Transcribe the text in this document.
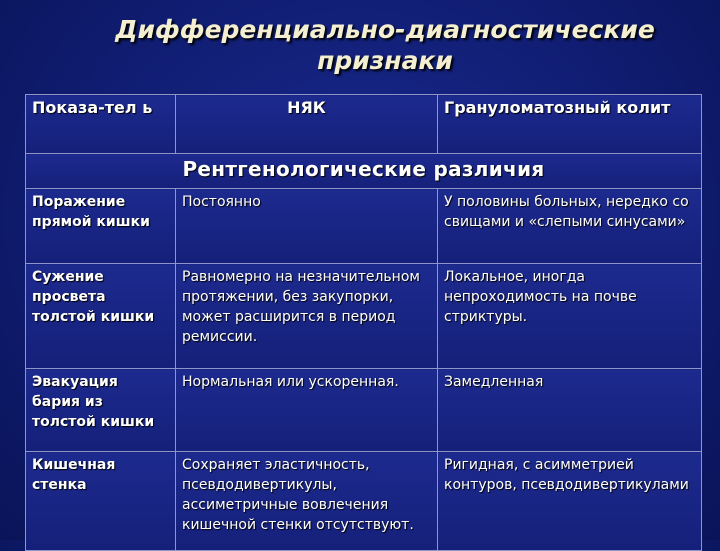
Дифференциально-диагностические признаки
Показа-тел ь	НЯК	Грануломатозный колит
Рентгенологические различия		
Поражение прямой кишки	Постоянно	У половины больных, нередко со свищами и «слепыми синусами»
Сужение просвета толстой кишки	Равномерно на незначительном протяжении, без закупорки, может расширится в период ремиссии.	Локальное, иногда непроходимость на почве стриктуры.
Эвакуация бария из толстой кишки	Нормальная или ускоренная.	Замедленная
Кишечная стенка	Сохраняет эластичность, псевдодивертикулы, ассиметричные вовлечения кишечной стенки отсутствуют.	Ригидная, с асимметрией контуров, псевдодивертикулами
